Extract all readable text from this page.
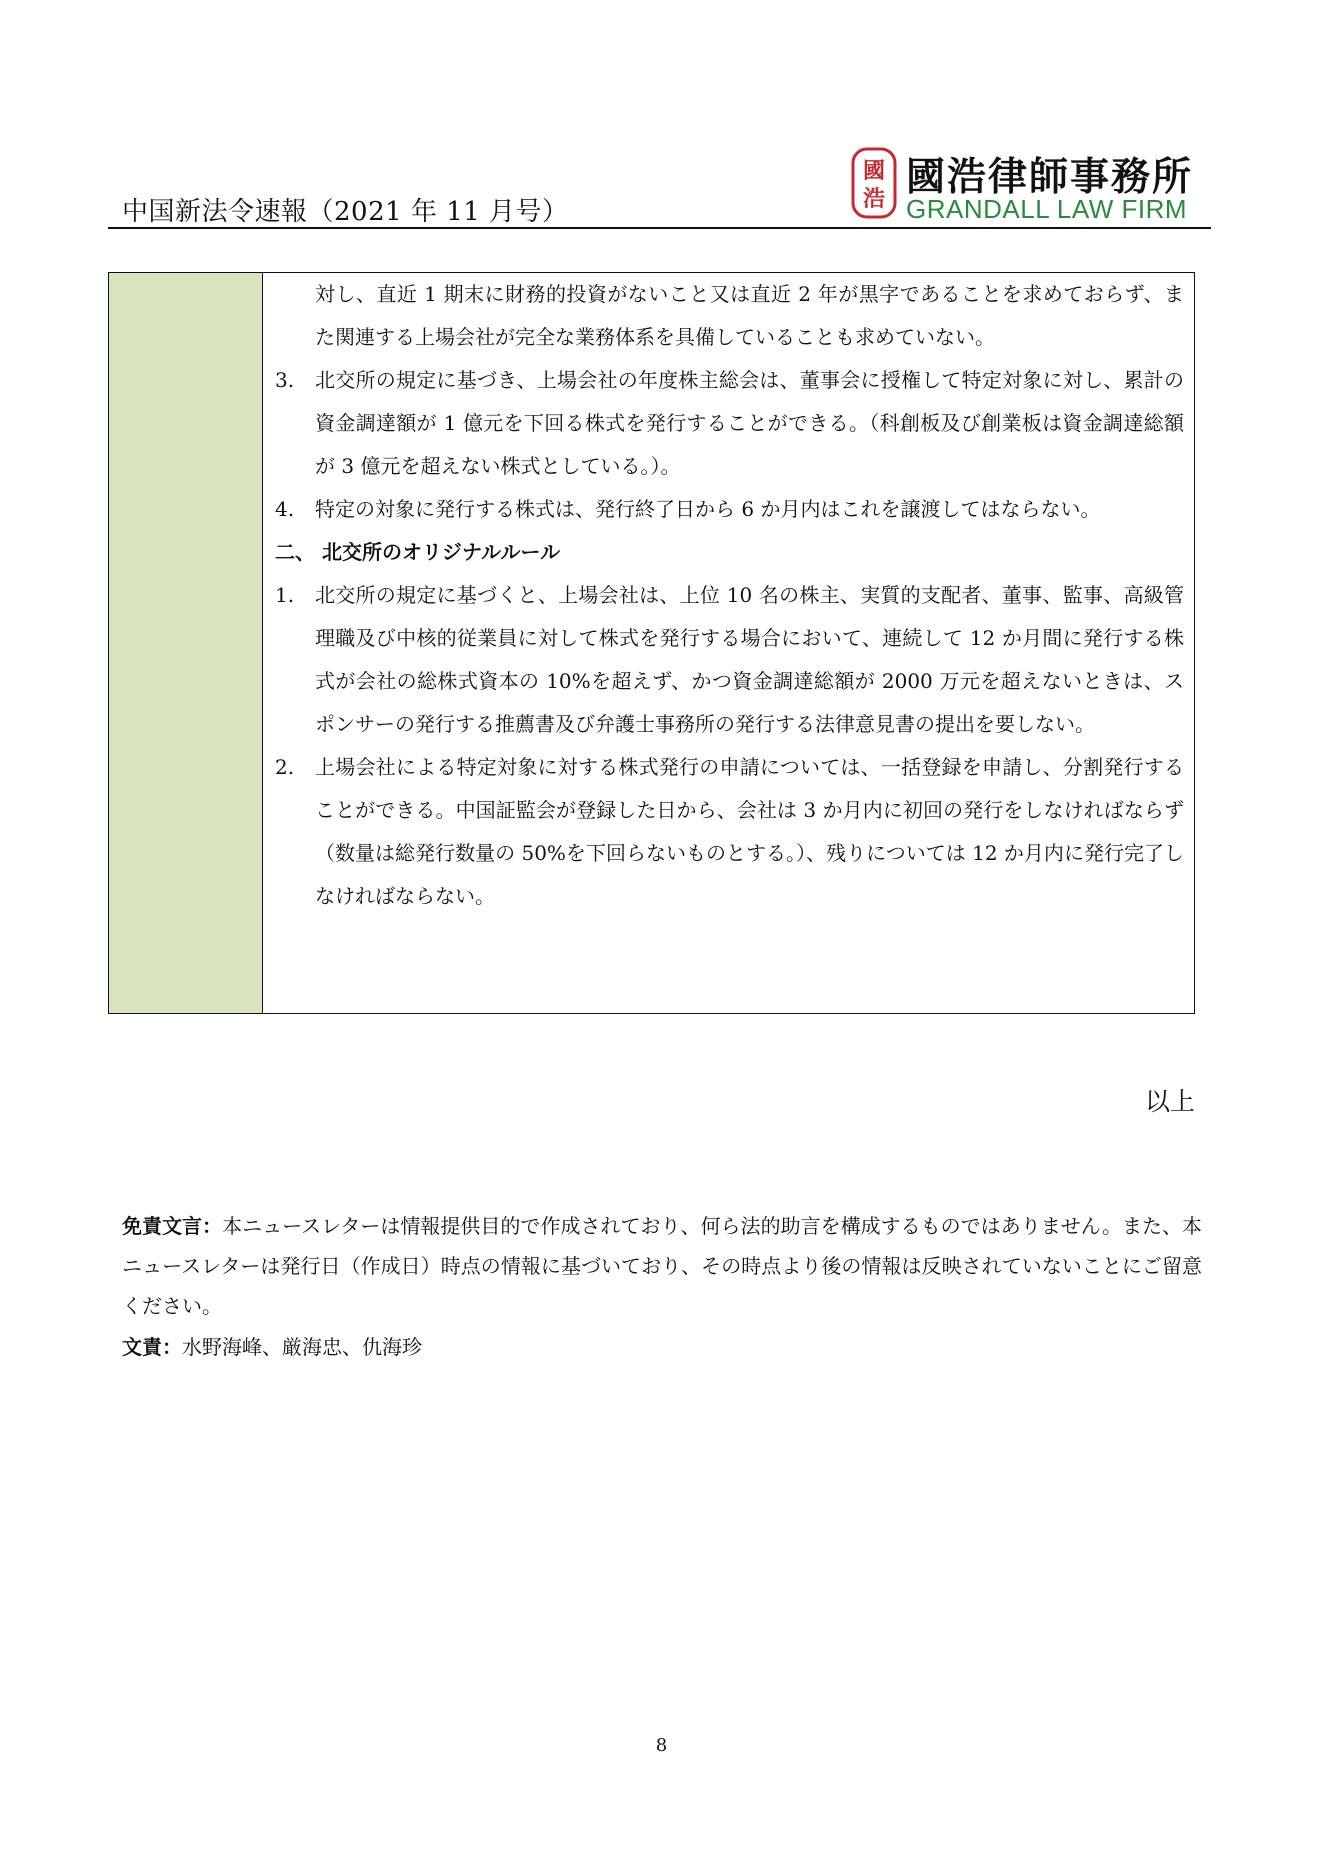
中国新法令速報（2021 年 11 月号）
國
浩 國浩律師事務所
GRANDALL LAW FIRM
対し、直近 1 期末に財務的投資がないこと又は直近 2 年が黒字であることを求めておらず、また関連する上場会社が完全な業務体系を具備していることも求めていない。
3. 北交所の規定に基づき、上場会社の年度株主総会は、董事会に授権して特定対象に対し、累計の資金調達額が 1 億元を下回る株式を発行することができる。（科創板及び創業板は資金調達総額が 3 億元を超えない株式としている。）。
4. 特定の対象に発行する株式は、発行終了日から 6 か月内はこれを譲渡してはならない。
二、 北交所のオリジナルルール
1. 北交所の規定に基づくと、上場会社は、上位 10 名の株主、実質的支配者、董事、監事、高級管理職及び中核的従業員に対して株式を発行する場合において、連続して 12 か月間に発行する株式が会社の総株式資本の 10%を超えず、かつ資金調達総額が 2000 万元を超えないときは、スポンサーの発行する推薦書及び弁護士事務所の発行する法律意見書の提出を要しない。
2. 上場会社による特定対象に対する株式発行の申請については、一括登録を申請し、分割発行することができる。中国証監会が登録した日から、会社は 3 か月内に初回の発行をしなければならず（数量は総発行数量の 50%を下回らないものとする。）、残りについては 12 か月内に発行完了しなければならない。
以上
免責文言：本ニュースレターは情報提供目的で作成されており、何ら法的助言を構成するものではありません。また、本ニュースレターは発行日（作成日）時点の情報に基づいており、その時点より後の情報は反映されていないことにご留意ください。
文責：水野海峰、厳海忠、仇海珍
8
